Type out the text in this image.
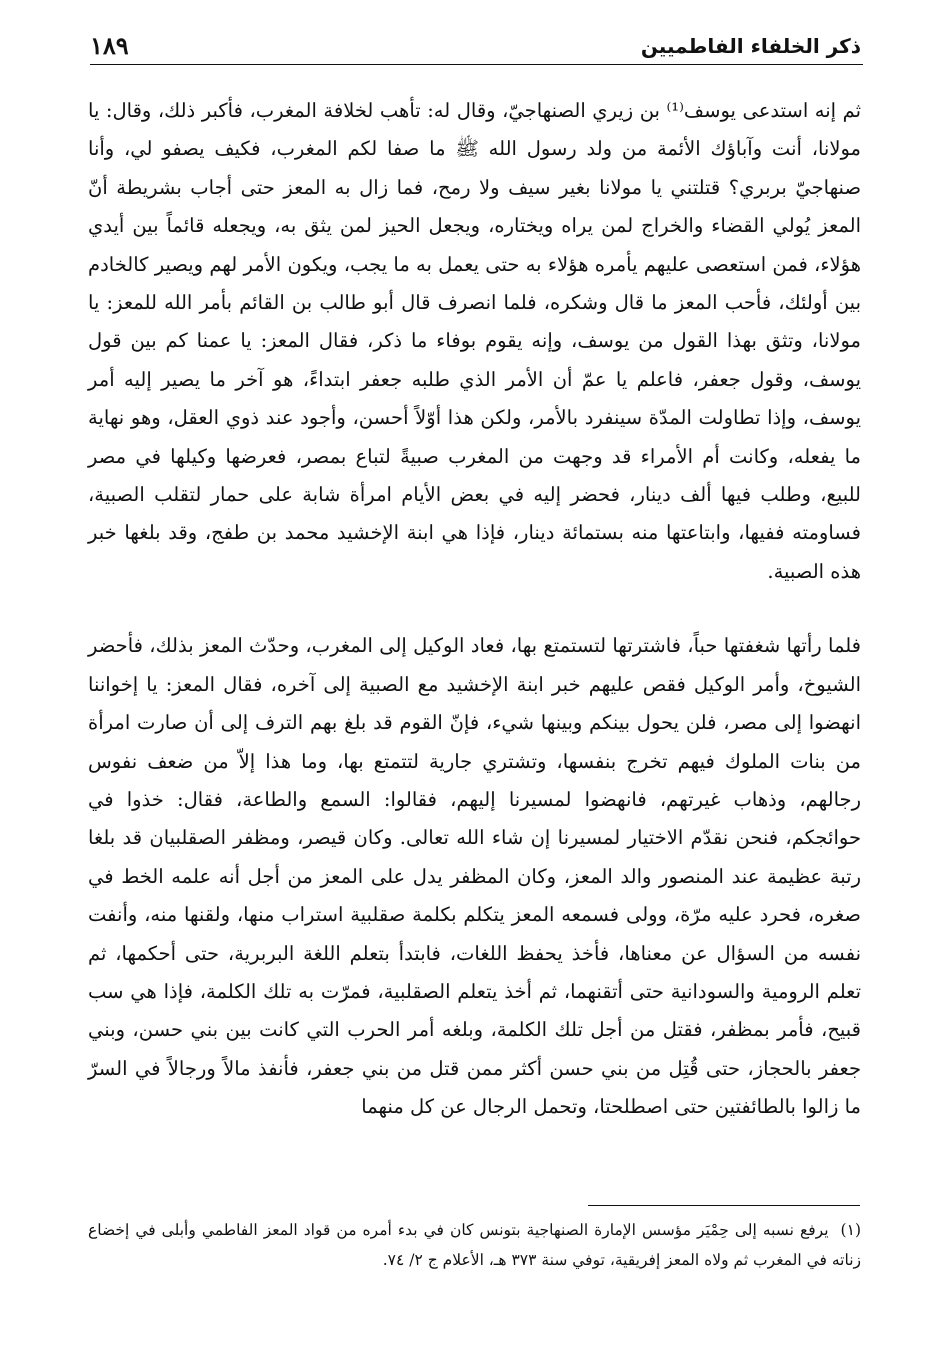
ذكر الخلفاء الفاطميين
١٨٩

ثم إنه استدعى يوسف⁽¹⁾ بن زيري الصنهاجيّ، وقال له: تأهب لخلافة المغرب، فأكبر ذلك، وقال: يا مولانا، أنت وآباؤك الأئمة من ولد رسول الله ﷺ ما صفا لكم المغرب، فكيف يصفو لي، وأنا صنهاجيّ بربري؟ قتلتني يا مولانا بغير سيف ولا رمح، فما زال به المعز حتى أجاب بشريطة أنّ المعز يُولي القضاء والخراج لمن يراه ويختاره، ويجعل الحيز لمن يثق به، ويجعله قائماً بين أيدي هؤلاء، فمن استعصى عليهم يأمره هؤلاء به حتى يعمل به ما يجب، ويكون الأمر لهم ويصير كالخادم بين أولئك، فأحب المعز ما قال وشكره، فلما انصرف قال أبو طالب بن القائم بأمر الله للمعز: يا مولانا، وتثق بهذا القول من يوسف، وإنه يقوم بوفاء ما ذكر، فقال المعز: يا عمنا كم بين قول يوسف، وقول جعفر، فاعلم يا عمّ أن الأمر الذي طلبه جعفر ابتداءً، هو آخر ما يصير إليه أمر يوسف، وإذا تطاولت المدّة سينفرد بالأمر، ولكن هذا أوّلاً أحسن، وأجود عند ذوي العقل، وهو نهاية ما يفعله، وكانت أم الأمراء قد وجهت من المغرب صبيةً لتباع بمصر، فعرضها وكيلها في مصر للبيع، وطلب فيها ألف دينار، فحضر إليه في بعض الأيام امرأة شابة على حمار لتقلب الصبية، فساومته ففيها، وابتاعتها منه بستمائة دينار، فإذا هي ابنة الإخشيد محمد بن طفج، وقد بلغها خبر هذه الصبية.

فلما رأتها شغفتها حباً، فاشترتها لتستمتع بها، فعاد الوكيل إلى المغرب، وحدّث المعز بذلك، فأحضر الشيوخ، وأمر الوكيل فقص عليهم خبر ابنة الإخشيد مع الصبية إلى آخره، فقال المعز: يا إخواننا انهضوا إلى مصر، فلن يحول بينكم وبينها شيء، فإنّ القوم قد بلغ بهم الترف إلى أن صارت امرأة من بنات الملوك فيهم تخرج بنفسها، وتشتري جارية لتتمتع بها، وما هذا إلاّ من ضعف نفوس رجالهم، وذهاب غيرتهم، فانهضوا لمسيرنا إليهم، فقالوا: السمع والطاعة، فقال: خذوا في حوائجكم، فنحن نقدّم الاختيار لمسيرنا إن شاء الله تعالى. وكان قيصر، ومظفر الصقلبيان قد بلغا رتبة عظيمة عند المنصور والد المعز، وكان المظفر يدل على المعز من أجل أنه علمه الخط في صغره، فحرد عليه مرّة، وولى فسمعه المعز يتكلم بكلمة صقلبية استراب منها، ولقنها منه، وأنفت نفسه من السؤال عن معناها، فأخذ يحفظ اللغات، فابتدأ بتعلم اللغة البربرية، حتى أحكمها، ثم تعلم الرومية والسودانية حتى أتقنهما، ثم أخذ يتعلم الصقلبية، فمرّت به تلك الكلمة، فإذا هي سب قبيح، فأمر بمظفر، فقتل من أجل تلك الكلمة، وبلغه أمر الحرب التي كانت بين بني حسن، وبني جعفر بالحجاز، حتى قُتِل من بني حسن أكثر ممن قتل من بني جعفر، فأنفذ مالاً ورجالاً في السرّ ما زالوا بالطائفتين حتى اصطلحتا، وتحمل الرجال عن كل منهما

(١) يرفع نسبه إلى حِمْيَر مؤسس الإمارة الصنهاجية بتونس كان في بدء أمره من قواد المعز الفاطمي وأبلى في إخضاع زناته في المغرب ثم ولاه المعز إفريقية، توفي سنة ٣٧٣ هـ، الأعلام ج ٢/ ٧٤.
